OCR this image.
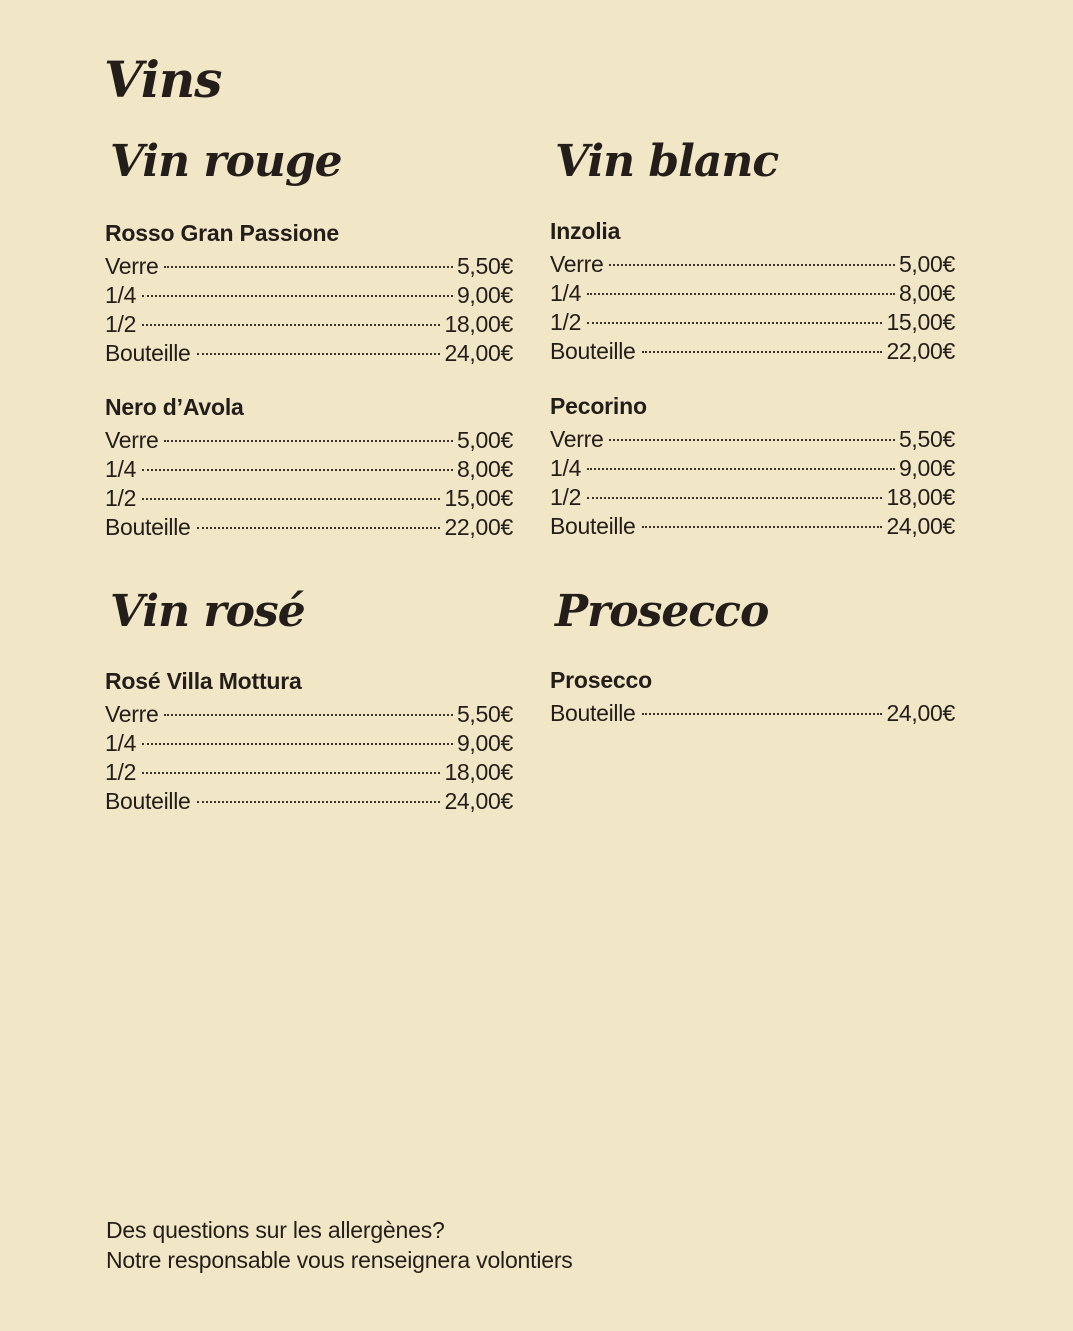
Vins
Vin rouge	Vin blanc
Vin rosé	Prosecco
Rosso Gran Passione
Verre	5,50€
1/4	9,00€
1/2	18,00€
Bouteille	24,00€
Nero d’Avola
Verre	5,00€
1/4	8,00€
1/2	15,00€
Bouteille	22,00€
Inzolia
Verre	5,00€
1/4	8,00€
1/2	15,00€
Bouteille	22,00€
Pecorino
Verre	5,50€
1/4	9,00€
1/2	18,00€
Bouteille	24,00€
Rosé Villa Mottura
Verre	5,50€
1/4	9,00€
1/2	18,00€
Bouteille	24,00€
Prosecco
Bouteille	24,00€
Des questions sur les allergènes?
Notre responsable vous renseignera volontiers
